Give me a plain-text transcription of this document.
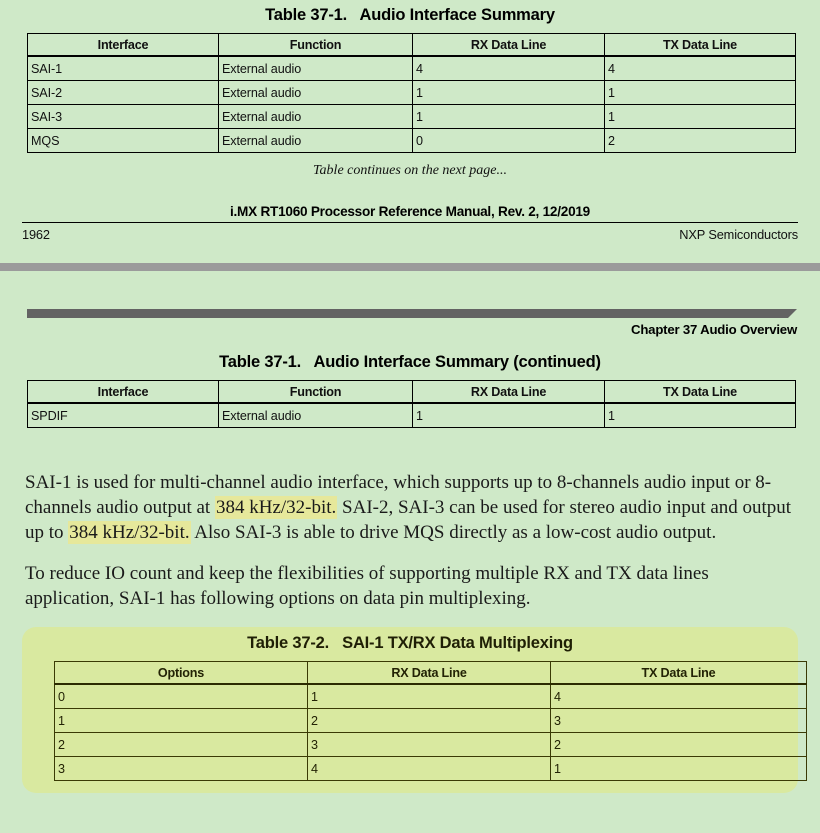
Table 37-1.   Audio Interface Summary
Interface	Function	RX Data Line	TX Data Line
SAI-1	External audio	4	4
SAI-2	External audio	1	1
SAI-3	External audio	1	1
MQS	External audio	0	2
Table continues on the next page...
i.MX RT1060 Processor Reference Manual, Rev. 2, 12/2019
1962	NXP Semiconductors
Chapter 37 Audio Overview
Table 37-1.   Audio Interface Summary (continued)
Interface	Function	RX Data Line	TX Data Line
SPDIF	External audio	1	1

SAI-1 is used for multi-channel audio interface, which supports up to 8-channels audio input or 8-channels audio output at 384 kHz/32-bit. SAI-2, SAI-3 can be used for stereo audio input and output up to 384 kHz/32-bit. Also SAI-3 is able to drive MQS directly as a low-cost audio output.

To reduce IO count and keep the flexibilities of supporting multiple RX and TX data lines application, SAI-1 has following options on data pin multiplexing.

Table 37-2.   SAI-1 TX/RX Data Multiplexing
Options	RX Data Line	TX Data Line
0	1	4
1	2	3
2	3	2
3	4	1
